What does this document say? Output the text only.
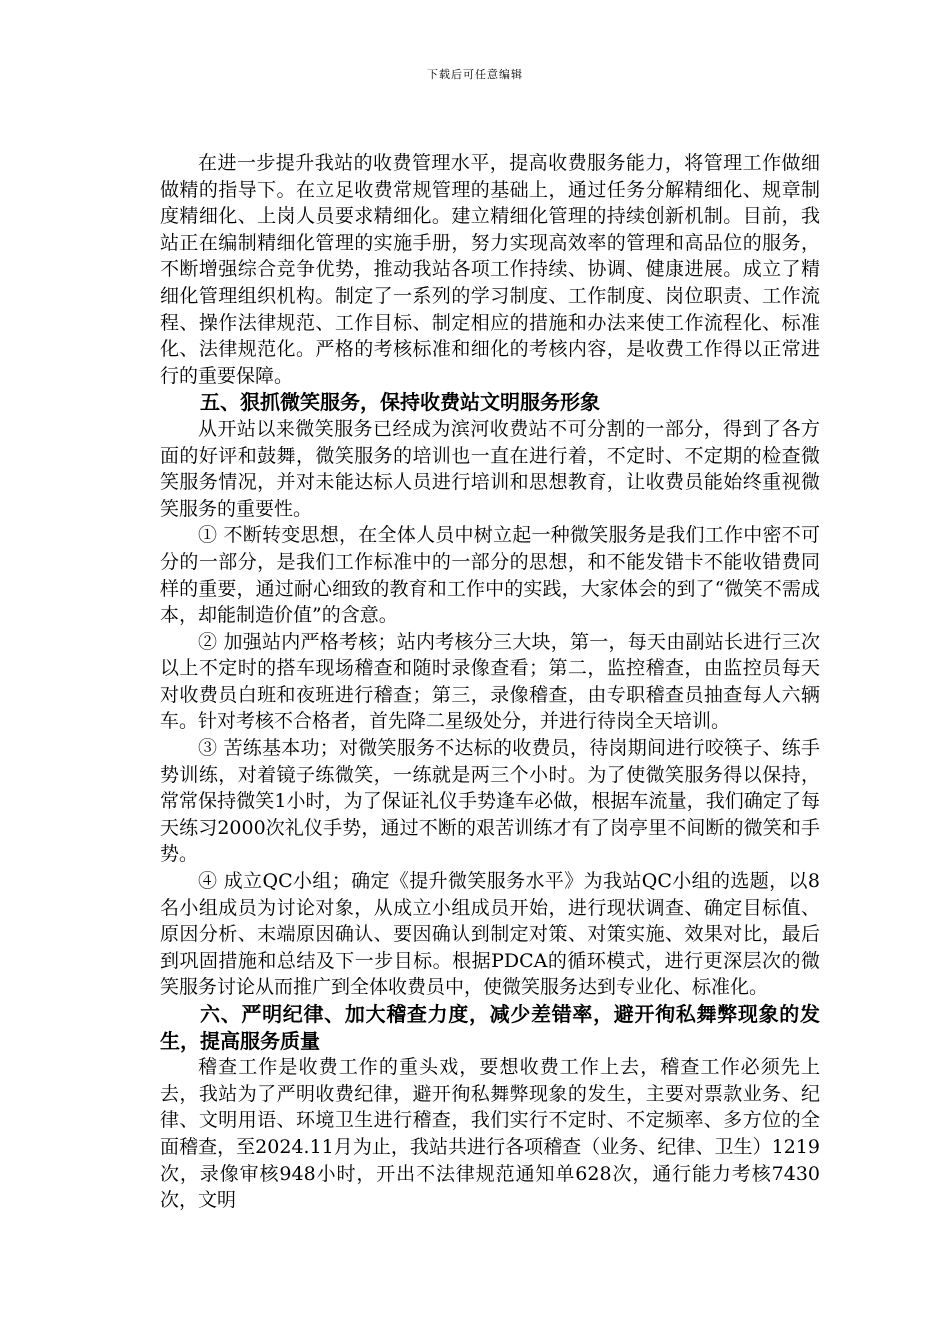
下载后可任意编辑

在进一步提升我站的收费管理水平，提高收费服务能力，将管理工作做细做精的指导下。在立足收费常规管理的基础上，通过任务分解精细化、规章制度精细化、上岗人员要求精细化。建立精细化管理的持续创新机制。目前，我站正在编制精细化管理的实施手册，努力实现高效率的管理和高品位的服务，不断增强综合竞争优势，推动我站各项工作持续、协调、健康进展。成立了精细化管理组织机构。制定了一系列的学习制度、工作制度、岗位职责、工作流程、操作法律规范、工作目标、制定相应的措施和办法来使工作流程化、标准化、法律规范化。严格的考核标准和细化的考核内容，是收费工作得以正常进行的重要保障。

五、狠抓微笑服务，保持收费站文明服务形象

从开站以来微笑服务已经成为滨河收费站不可分割的一部分，得到了各方面的好评和鼓舞，微笑服务的培训也一直在进行着，不定时、不定期的检查微笑服务情况，并对未能达标人员进行培训和思想教育，让收费员能始终重视微笑服务的重要性。

① 不断转变思想，在全体人员中树立起一种微笑服务是我们工作中密不可分的一部分，是我们工作标准中的一部分的思想，和不能发错卡不能收错费同样的重要，通过耐心细致的教育和工作中的实践，大家体会的到了“微笑不需成本，却能制造价值”的含意。

② 加强站内严格考核；站内考核分三大块，第一，每天由副站长进行三次以上不定时的搭车现场稽查和随时录像查看；第二，监控稽查，由监控员每天对收费员白班和夜班进行稽查；第三，录像稽查，由专职稽查员抽查每人六辆车。针对考核不合格者，首先降二星级处分，并进行待岗全天培训。

③ 苦练基本功；对微笑服务不达标的收费员，待岗期间进行咬筷子、练手势训练，对着镜子练微笑，一练就是两三个小时。为了使微笑服务得以保持，常常保持微笑1小时，为了保证礼仪手势逢车必做，根据车流量，我们确定了每天练习2000次礼仪手势，通过不断的艰苦训练才有了岗亭里不间断的微笑和手势。

④ 成立QC小组；确定《提升微笑服务水平》为我站QC小组的选题，以8名小组成员为讨论对象，从成立小组成员开始，进行现状调查、确定目标值、原因分析、末端原因确认、要因确认到制定对策、对策实施、效果对比，最后到巩固措施和总结及下一步目标。根据PDCA的循环模式，进行更深层次的微笑服务讨论从而推广到全体收费员中，使微笑服务达到专业化、标准化。

六、严明纪律、加大稽查力度，减少差错率，避开徇私舞弊现象的发生，提高服务质量

稽查工作是收费工作的重头戏，要想收费工作上去，稽查工作必须先上去，我站为了严明收费纪律，避开徇私舞弊现象的发生，主要对票款业务、纪律、文明用语、环境卫生进行稽查，我们实行不定时、不定频率、多方位的全面稽查，至2024.11月为止，我站共进行各项稽查（业务、纪律、卫生）1219次，录像审核948小时，开出不法律规范通知单628次，通行能力考核7430次，文明
